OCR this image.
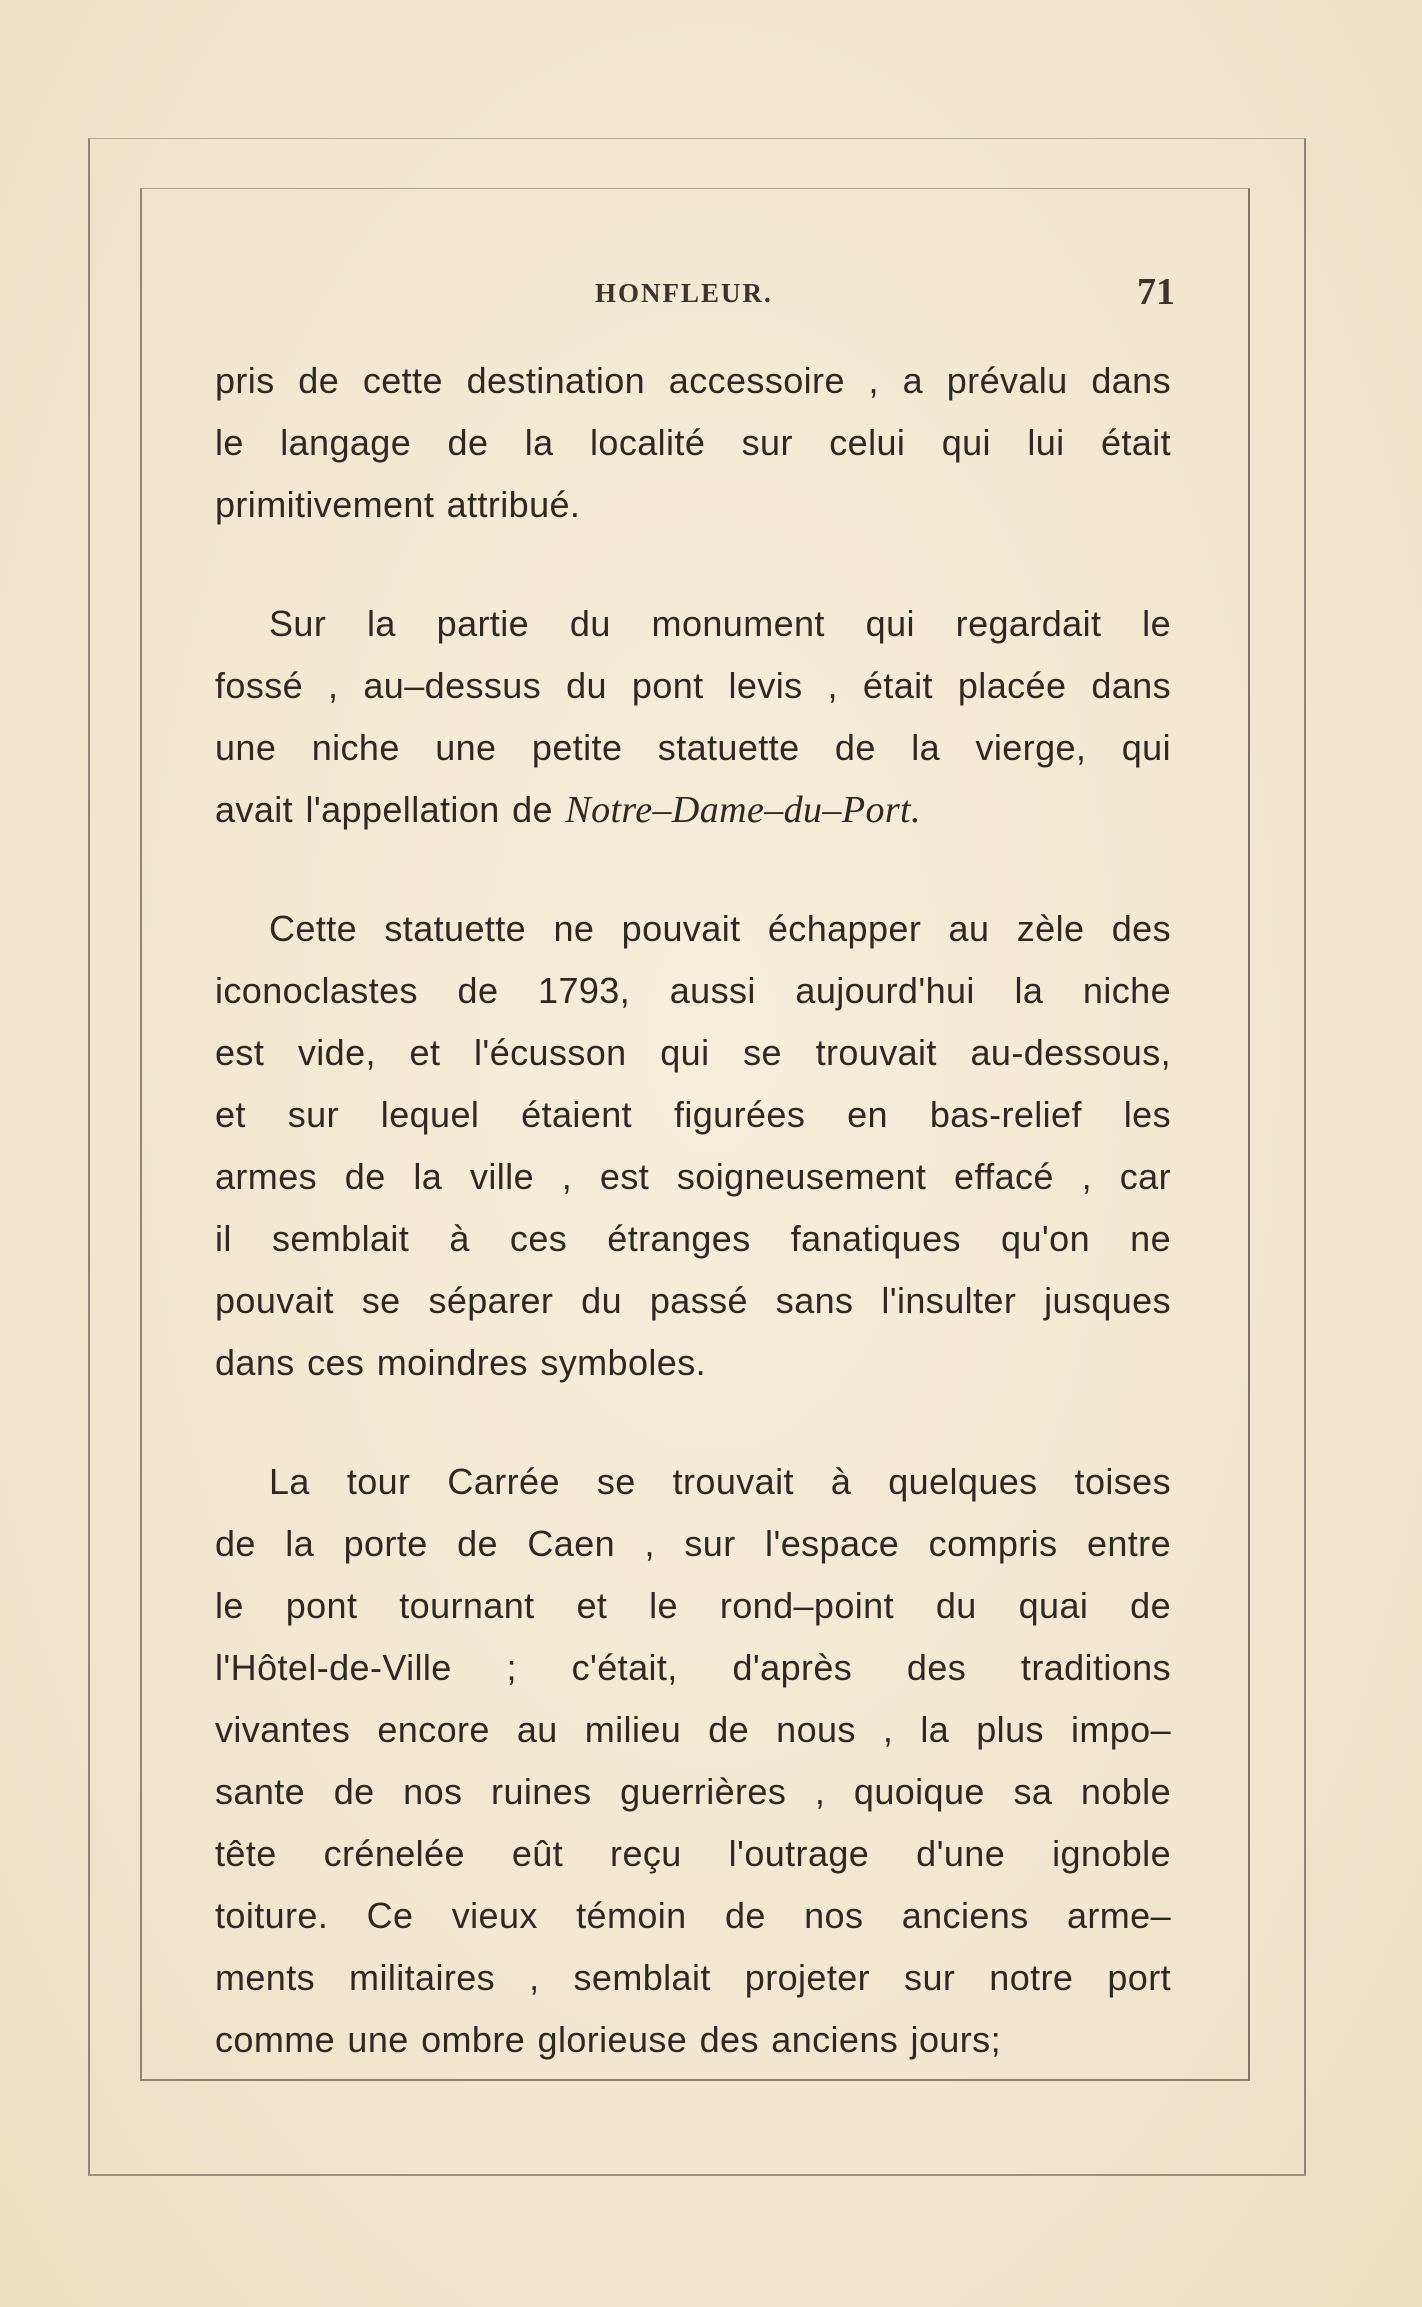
HONFLEUR.	71
pris de cette destination accessoire , a prévalu dans
le langage de la localité sur celui qui lui était
primitivement attribué.
Sur la partie du monument qui regardait le
fossé , au–dessus du pont levis , était placée dans
une niche une petite statuette de la vierge, qui
avait l'appellation de Notre–Dame–du–Port.
Cette statuette ne pouvait échapper au zèle des
iconoclastes de 1793, aussi aujourd'hui la niche
est vide, et l'écusson qui se trouvait au-dessous,
et sur lequel étaient figurées en bas-relief les
armes de la ville , est soigneusement effacé , car
il semblait à ces étranges fanatiques qu'on ne
pouvait se séparer du passé sans l'insulter jusques
dans ces moindres symboles.
La tour Carrée se trouvait à quelques toises
de la porte de Caen , sur l'espace compris entre
le pont tournant et le rond–point du quai de
l'Hôtel-de-Ville ; c'était, d'après des traditions
vivantes encore au milieu de nous , la plus impo–
sante de nos ruines guerrières , quoique sa noble
tête crénelée eût reçu l'outrage d'une ignoble
toiture. Ce vieux témoin de nos anciens arme–
ments militaires , semblait projeter sur notre port
comme une ombre glorieuse des anciens jours;
